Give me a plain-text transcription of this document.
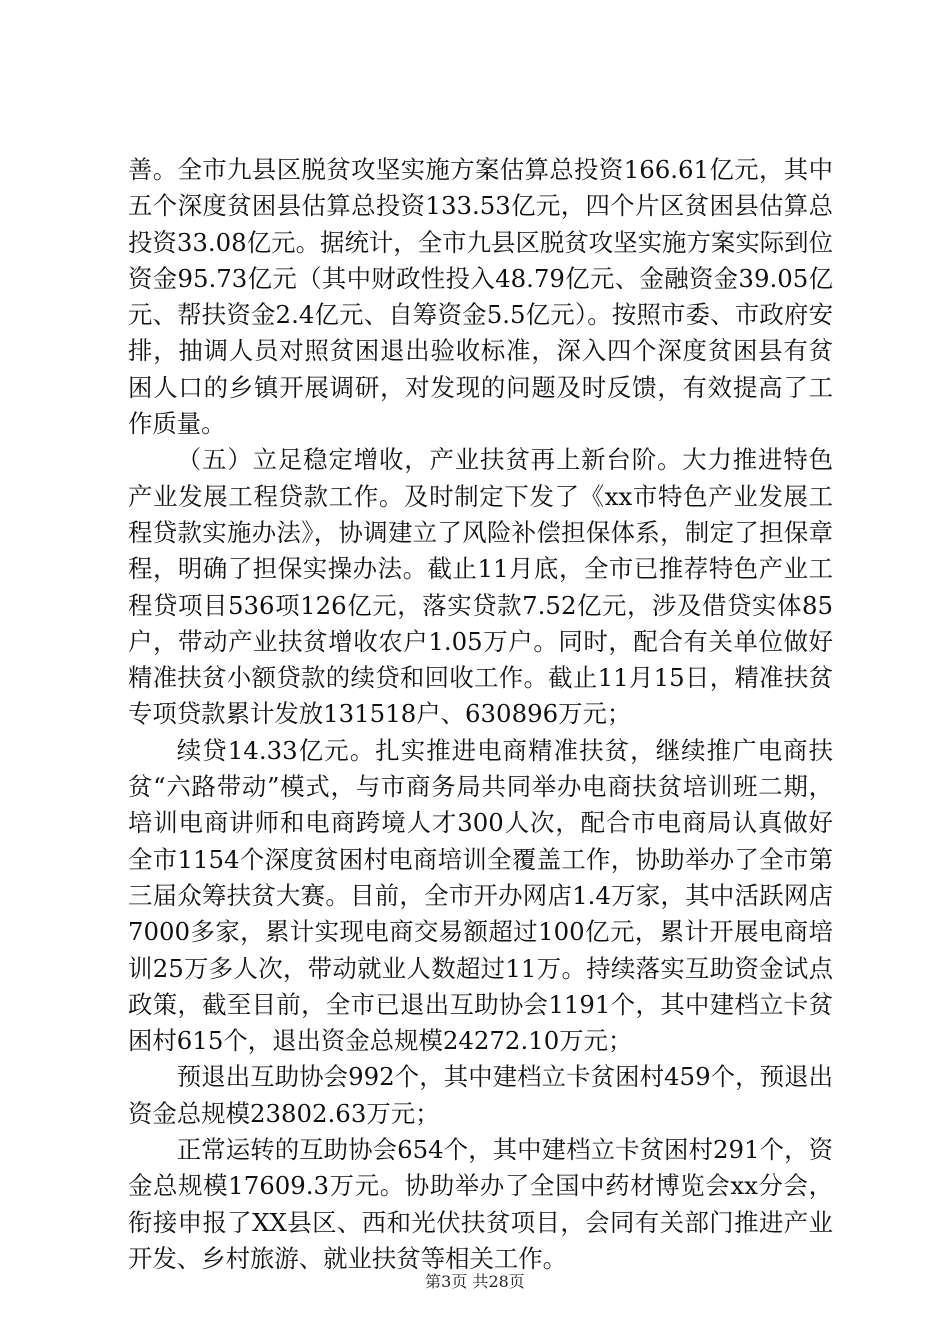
善。全市九县区脱贫攻坚实施方案估算总投资166.61亿元，其中五个深度贫困县估算总投资133.53亿元，四个片区贫困县估算总投资33.08亿元。据统计，全市九县区脱贫攻坚实施方案实际到位资金95.73亿元（其中财政性投入48.79亿元、金融资金39.05亿元、帮扶资金2.4亿元、自筹资金5.5亿元）。按照市委、市政府安排，抽调人员对照贫困退出验收标准，深入四个深度贫困县有贫困人口的乡镇开展调研，对发现的问题及时反馈，有效提高了工作质量。

（五）立足稳定增收，产业扶贫再上新台阶。大力推进特色产业发展工程贷款工作。及时制定下发了《xx市特色产业发展工程贷款实施办法》，协调建立了风险补偿担保体系，制定了担保章程，明确了担保实操办法。截止11月底，全市已推荐特色产业工程贷项目536项126亿元，落实贷款7.52亿元，涉及借贷实体85户，带动产业扶贫增收农户1.05万户。同时，配合有关单位做好精准扶贫小额贷款的续贷和回收工作。截止11月15日，精准扶贫专项贷款累计发放131518户、630896万元；

续贷14.33亿元。扎实推进电商精准扶贫，继续推广电商扶贫“六路带动”模式，与市商务局共同举办电商扶贫培训班二期，培训电商讲师和电商跨境人才300人次，配合市电商局认真做好全市1154个深度贫困村电商培训全覆盖工作，协助举办了全市第三届众筹扶贫大赛。目前，全市开办网店1.4万家，其中活跃网店7000多家，累计实现电商交易额超过100亿元，累计开展电商培训25万多人次，带动就业人数超过11万。持续落实互助资金试点政策，截至目前，全市已退出互助协会1191个，其中建档立卡贫困村615个，退出资金总规模24272.10万元；

预退出互助协会992个，其中建档立卡贫困村459个，预退出资金总规模23802.63万元；

正常运转的互助协会654个，其中建档立卡贫困村291个，资金总规模17609.3万元。协助举办了全国中药材博览会xx分会，衔接申报了XX县区、西和光伏扶贫项目，会同有关部门推进产业开发、乡村旅游、就业扶贫等相关工作。

第3页 共28页
